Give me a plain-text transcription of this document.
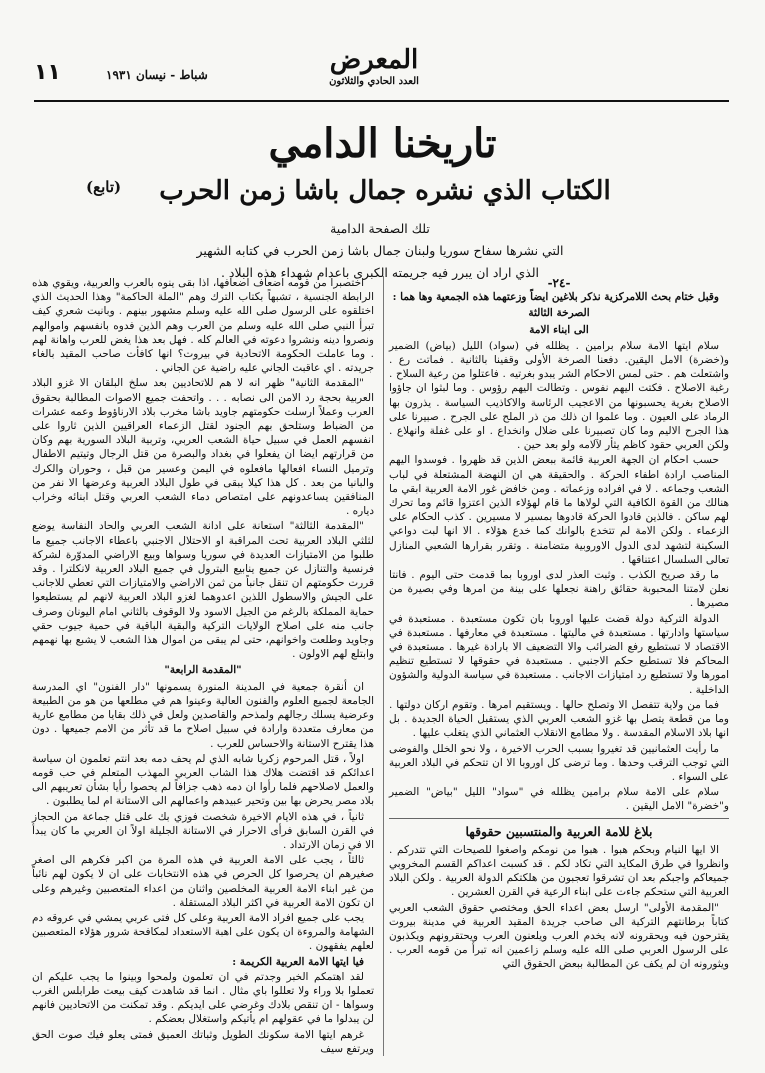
المعرض
العدد الحادي والثلاثون
شباط - نيسان ١٩٣١
١١
تاريخنا الدامي
الكتاب الذي نشره جمال باشا زمن الحرب
(تابع)
تلك الصفحة الدامية
التي نشرها سفاح سوريا ولبنان جمال باشا زمن الحرب في كتابه الشهير
الذي اراد ان يبرر فيه جريمته الكبرى باعدام شهداء هذه البلاد .
-٢٤-

وقبل ختام بحث اللامركزية نذكر بلاغين ايضاً وزعتهما هذه الجمعية وها هما :

الصرخة الثالثة

الى ابناء الامة

سلام ايتها الامة سلام برامين . يظلله في (سواد) الليل (بياض) الضمير و(خضرة) الامل اليقين. دفعنا الصرخة الأولى وقفينا بالثانية . فماتت رع . واشتعلت هم . حتى لمس الاحكام الشر يبدو بغرتيه . فاعتلوا من رعية السلاح . رغبة الاصلاح . فكتت اليهم نفوس . وتطالت اليهم رؤوس . وما لبثوا ان جاؤوا الاصلاح بغرية يحسبونها من الاعجيب الرئاسة والاكاذيب السياسة . يذرون بها الرماد على العيون . وما علموا ان ذلك من ذر الملح على الجرح . صبيرنا على هذا الجرح الاليم وما كان تصبيرنا على ضلال وانخداع . او على غفلة وانهلاع . ولكن العربي حقود كاظم يثأر لآلامه ولو بعد حين .

حسب احكام ان الجهة العربية قائمة ببعض الذين قد ظهروا . فوسدوا اليهم المناصب ارادة اطفاء الحركة . والحقيقة هي ان النهضة المشتعلة في لباب الشعب وجماعه . لا في افراده وزعماته . ومن خافض غور الامة العربية ابقي ما هنالك من القوة الكافية التي لولاها ما قام لهؤلاء الذين اعتزوا قائم وما تحرك لهم ساكن . فالذين قادوا الحركة قادوها بمسير لا مسيرين . كذب الحكام على الزعماء . ولكن الامة لم تتخدع بالوانك كما خدع هؤلاء . الا انها لبت دواعي السكينة لتشهد لدى الدول الاوروبية متضامنة . وتقرر بقرارها الشعبي المنازل تعالى السلسال اعتناقها .

ما رقد صريح الكذب . وثبت العذر لدى اوروبا بما قدمت حتى اليوم . فانتا نعلن لامتنا المحبوبة حقائق راهنة نجعلها على بينة من امرها وفي بصيرة من مصيرها .

الدولة التركية دولة قضت عليها اوروبا بان تكون مستعبدة . مستعبدة في سياستها وادارتها . مستعبدة في ماليتها . مستعبدة في معارفها . مستعبدة في الاقتصاد لا تستطيع رفع الضرائب والا التضعيف الا بارادة غيرها . مستعبدة في المحاكم فلا تستطيع حكم الاجنبي . مستعبدة في حقوقها لا تستطيع تنظيم امورها ولا تستطيع رد امتيازات الاجانب . مستعبدة في سياسة الدولية والشؤون الداخلية .

فما من ولاية تتفصل الا وتصلح حالها . ويستقيم امرها . وتقوم اركان دولتها . وما من قطعة يتصل بها غزو الشعب العربي الذي يستقبل الحياة الجديدة . بل انها بلاد الاسلام المقدسة . ولا مطامع الانقلاب العثماني الذي يتغلب عليها .

ما رأيت العثمانيين قد تغيروا بسبب الحرب الاخيرة ، ولا نحو الخلل والفوضى التي توجب الترقب وحدها . وما ترضى كل اوروبا الا ان تتحكم في البلاد العربية على السواء .

سلام على الامة سلام برامين يظلله في "سواد" الليل "بياض" الضمير و"خضرة" الامل اليقين .

بلاغ للامة العربية والمنتسبين حقوقها

الا ايها النيام وبحكم هبوا . هبوا من نومكم واصغوا للصيحات التي تتدركم . وانظروا في طرق المكايد التي تكاد لكم . قد كسبت اعداكم القسم المخروبي جميعاكم واجبكم بعد ان تشرقوا تعجبون من هلكتكم الدولة العربية . ولكن البلاد العربية التي ستحكم جاءت على ابناء الرعية في القرن العشرين .

"المقدمة الأولى" ارسل بعض اعداء الحق ومختصي حقوق الشعب العربي كتاباً برطانتهم التركية الى صاحب جريدة المقيد العربية في مدينة بيروت يقترحون فيه ويحقرونه لانه يخدم العرب ويلعنون العرب ويحتقرونهم ويكذبون على الرسول العربي صلى الله عليه وسلم زاعمين انه تبرأ من قومه العرب . ويثورونه ان لم يكف عن المطالبة ببعض الحقوق التي

اختصبرا من قومه اضعاف اضعافها، اذا بقى ينوه بالعرب والعربية، ويقوي هذه الرابطة الجنسية ، تشبهاً بكتاب الترك وهم "الملة الحاكمة" وهذا الحديث الذي اختلقوه على الرسول صلى الله عليه وسلم مشهور بينهم . وبانيت شعري كيف تبرأ النبي صلى الله عليه وسلم من العرب وهم الذين فدوه بانفسهم واموالهم ونصروا دينه ونشروا دعوته في العالم كله . فهل بعد هذا يغض للعرب واهانة لهم . وما عاملت الحكومة الاتحادية في بيروت؟ انها كافأت صاحب المقيد بالغاء جريدته . اي عاقبت الجاني عليه راضية عن الجاني .

"المقدمة الثانية" ظهر انه لا هم للاتحاديين بعد سلخ البلقان الا غزو البلاد العربية بحجة رد الامن الى نصابه . . . واتحفت جميع الاصوات المطالبة بحقوق العرب وعملاً ارسلت حكومتهم جاويد باشا مخرب بلاد الارناؤوط وعمه عشرات من الضباط وستلحق بهم الجنود لقتل الزعماء العراقيين الذين ثاروا على انفسهم العمل في سبيل حياة الشعب العربي، وتربية البلاد السورية بهم وكان من قرارتهم ايضا ان يفعلوا في بغداد والبصرة من قتل الرجال وتيتيم الاطفال وترميل النساء افعالها مافعلوه في اليمن وعسير من قبل ، وحوران والكرك والبانيا من بعد . كل هذا كيلا يبقى في طول البلاد العربية وعرضها الا نفر من المنافقين يساعدونهم على امتصاص دماء الشعب العربي وقتل ابنائه وخراب دياره .

"المقدمة الثالثة" استعانة على ادانة الشعب العربي والحاد النفاسة يوضع لثلثي البلاد العربية تحت المراقبة او الاحتلال الاجنبي باعطاء الاجانب جميع ما طلبوا من الامتيازات العديدة في سوريا وسواها وبيع الاراضي المدوّرة لشركة فرنسية والتنازل عن جميع ينابيع البترول في جميع البلاد العربية لانكلترا . وقد قررت حكومتهم ان تنقل جانباً من ثمن الاراضي والامتيازات التي تعطي للاجانب على الجيش والاسطول اللذين اعدوهما لغزو البلاد العربية لانهم لم يستطيعوا حماية المملكة بالرغم من الجيل الاسود ولا الوقوف بالثاني امام اليونان وصرف جانب منه على اصلاح الولايات التركية والبقية الباقية في حمية جيوب حقي وجاويد وطلعت واخوانهم، حتى لم يبقى من اموال هذا الشعب لا يشبع بها نهمهم وابتلع لهم الاولون .

"المقدمة الرابعة"

ان أنقرة جمعية في المدينة المنورة يسمونها "دار الفنون" اي المدرسة الجامعة لجميع العلوم والفنون العالية وعينوا هم في مطلعها من هو من الطبيعة وعرضية يسلك رجالهم ولمذحم والقاصدين ولعل في ذلك بقايا من مطامع عارية من معارف متعددة وارادة في سبيل اصلاح ما قد تأثر من الامم جميعها . دون هذا يقترح الاستانة والاحساس للعرب .

اولاً ، قتل المرحوم زكريا شابه الذي لم يحف دمه بعد انتم تعلمون ان سياسة اعدائكم قد اقتضت هلاك هذا الشاب العربي المهذب المتعلم في حب قومه والعمل لاصلاحهم فلما رأوا ان دمه ذهب جزافاً لم يحصوا رأيا بشأن تعريبهم الى بلاد مصر يحرض بها بين وتحير عبيدهم واعمالهم الى الاستانة ام لما يطلبون .

ثانياً ، في هذه الايام الاخيرة شخصت فوزي بك على قتل جماعة من الحجاز في القرن السابق فرأى الاحرار في الاستانة الجليلة اولاً ان العربي ما كان يبدأ الا في زمان الارتداد .

ثالثاً ، يجب على الامة العربية في هذه المرة من اكبر فكرهم الى اصغر صغيرهم ان يحرصوا كل الحرص في هذه الانتخابات على ان لا يكون لهم نائباً من غير ابناء الامة العربية المخلصين واثنان من اعداء المتعصبين وغيرهم وعلى ان تكون الامة العربية في اكثر البلاد المستقلة .

يجب على جميع افراد الامة العربية وعلى كل فتى عربي يمشي في عروقه دم الشهامة والمروءة ان يكون على اهبة الاستعداد لمكافحة شرور هؤلاء المتعصبين لعلهم يفقهون .

فيا ايتها الامة العربية الكريمة :

لقد اهتمكم الخبر وجدتم في ان تعلمون ولمحوا وبينوا ما يجب عليكم ان تعملوا بلا وراء ولا تعللوا باي مثال . انما قد شاهدت كيف بيعت طرابلس الغرب وسواها - ان تنقص بلادك وغرضي على ايديكم . وقد تمكنت من الاتحاديين فانهم لن يبدلوا ما في عقولهم ام يأتيكم واستغلال بعضكم .

غرهم ايتها الامة سكونك الطويل وثباتك العميق فمتى يعلو فيك صوت الحق ويرتفع سيف
